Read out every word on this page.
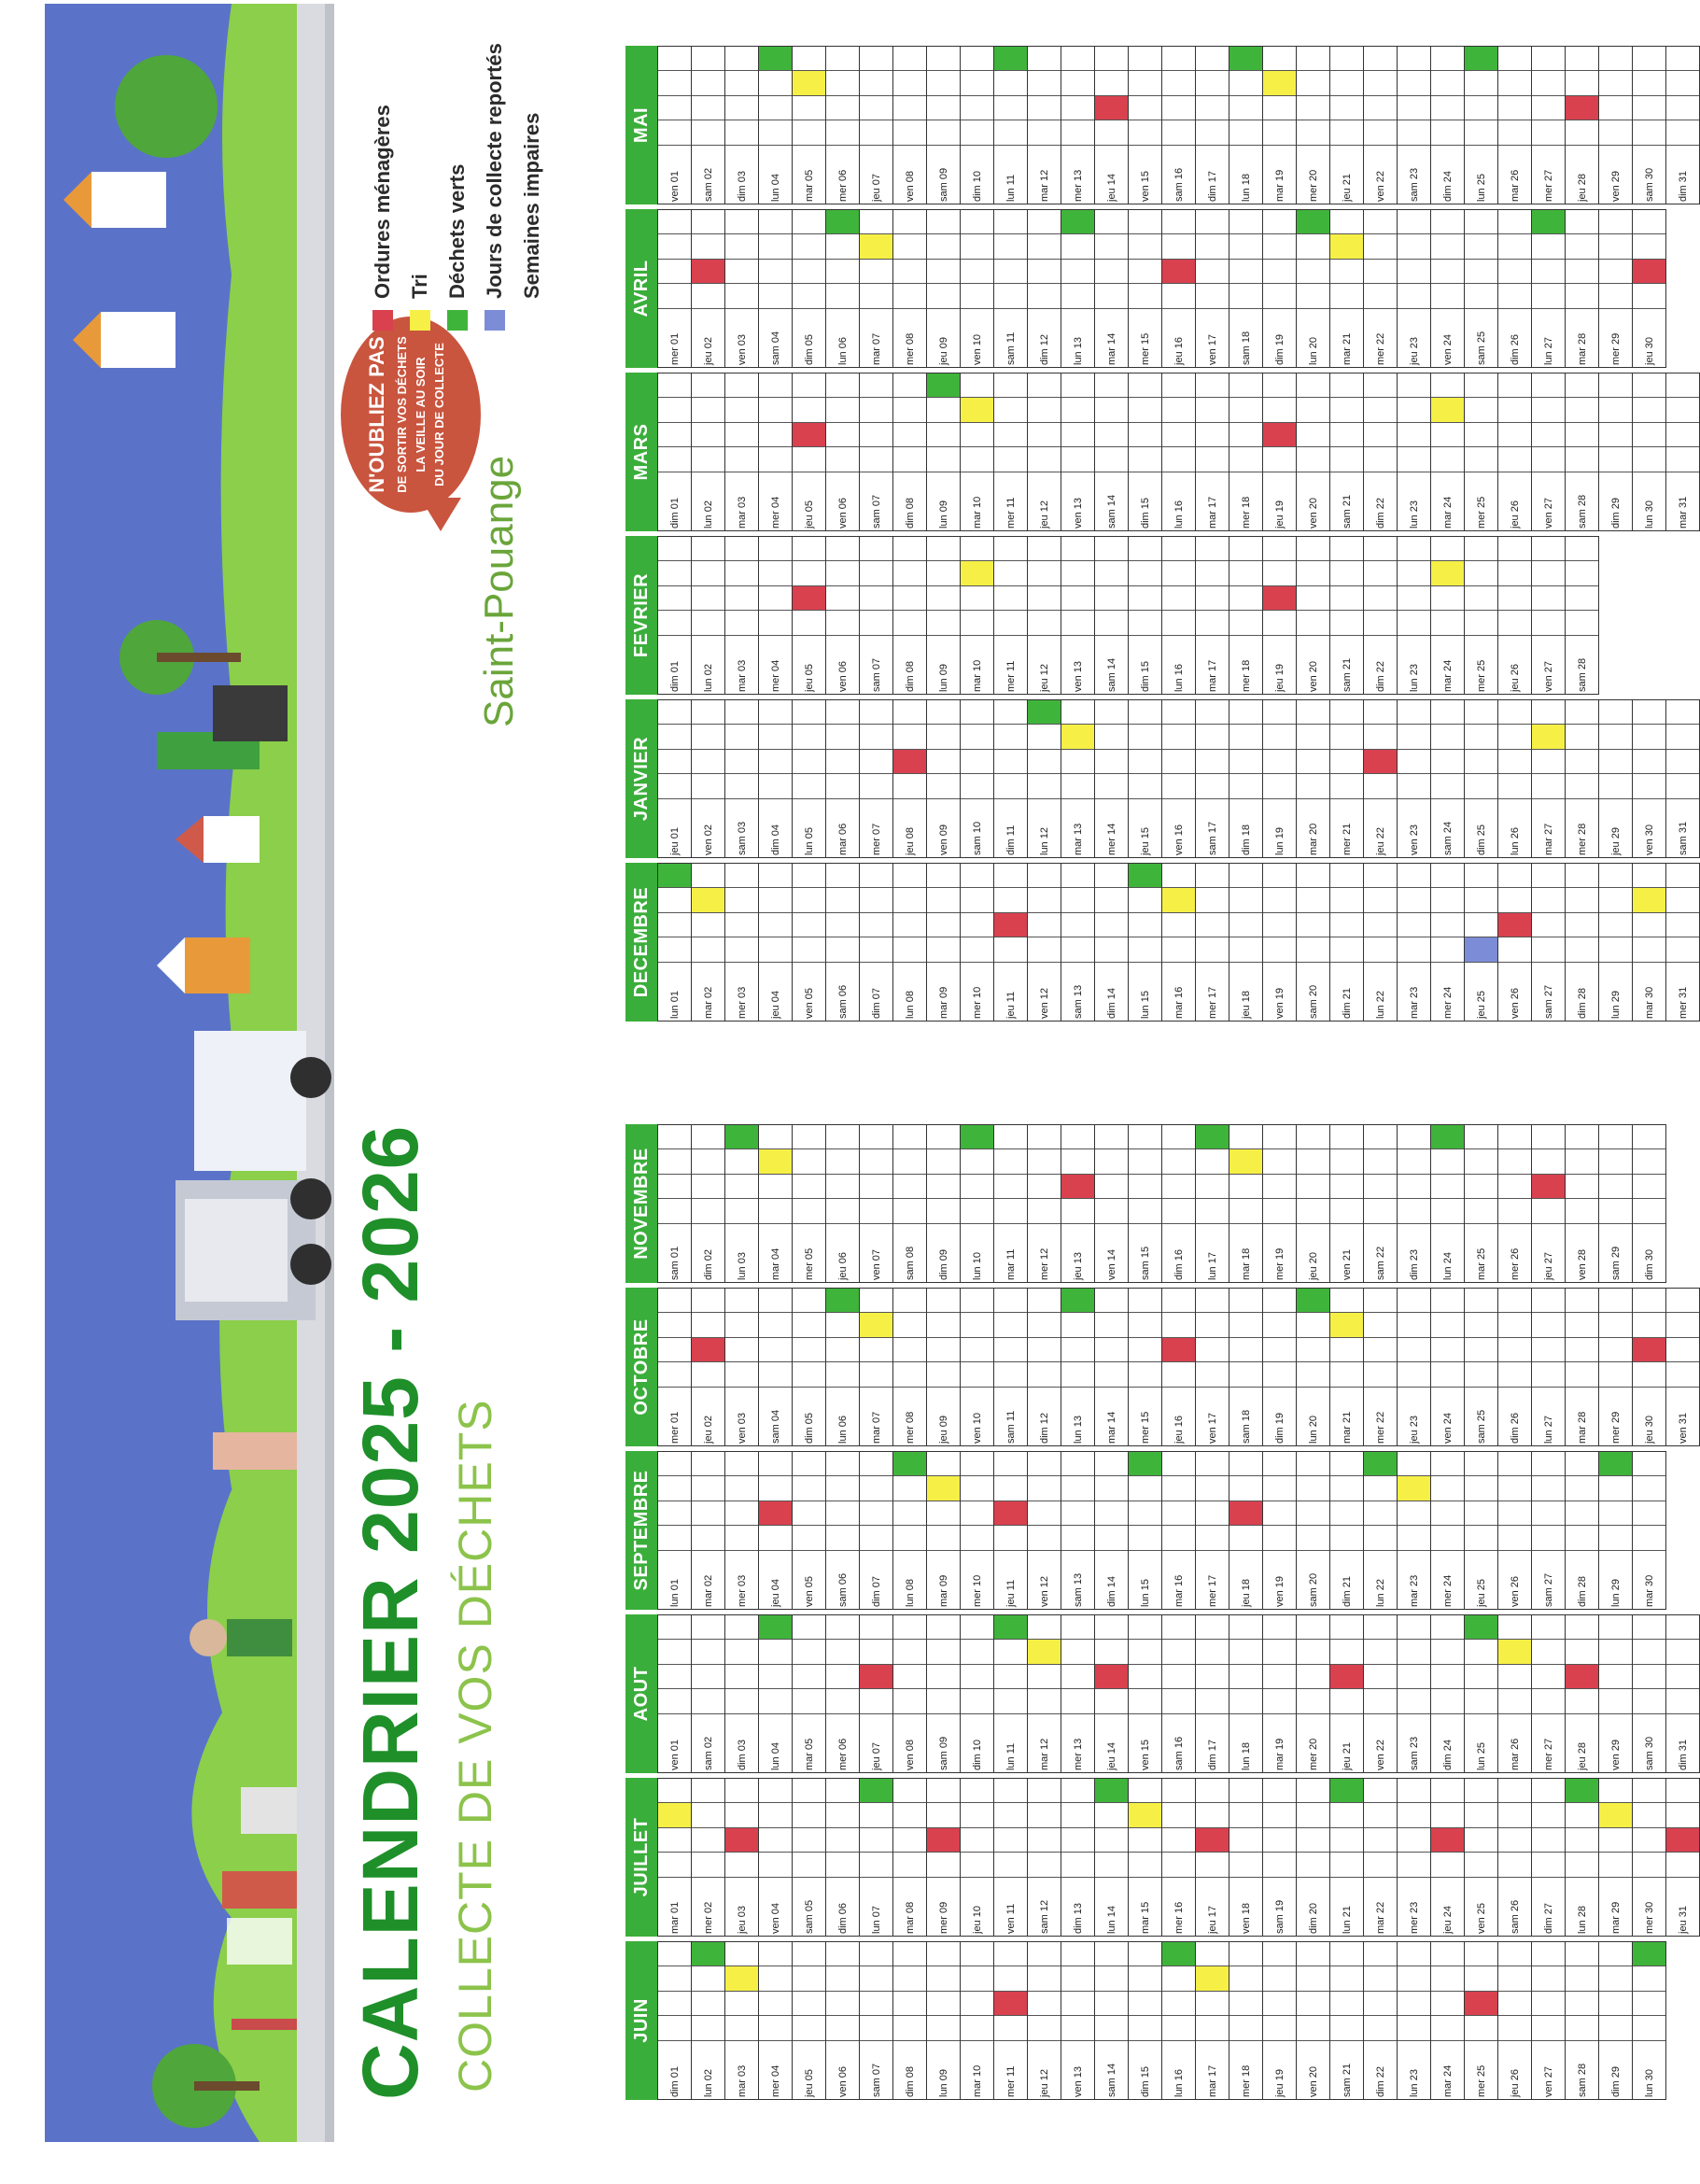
CALENDRIER 2025 - 2026 COLLECTE DE VOS DÉCHETS
Saint-Pouange
N'OUBLIEZ PAS DE SORTIR VOS DÉCHETS LA VEILLE AU SOIR DU JOUR DE COLLECTE
Ordures ménagères Tri Déchets verts Jours de collecte reportés Semaines impaires
JUIN
dim 01	lun 02	mar 03	mer 04	jeu 05	ven 06	sam 07	dim 08	lun 09	mar 10	mer 11	jeu 12	ven 13	sam 14	dim 15	lun 16	mar 17	mer 18	jeu 19	ven 20	sam 21	dim 22	lun 23	mar 24	mer 25	jeu 26	ven 27	sam 28	dim 29	lun 30
JUILLET
mar 01	mer 02	jeu 03	ven 04	sam 05	dim 06	lun 07	mar 08	mer 09	jeu 10	ven 11	sam 12	dim 13	lun 14	mar 15	mer 16	jeu 17	ven 18	sam 19	dim 20	lun 21	mar 22	mer 23	jeu 24	ven 25	sam 26	dim 27	lun 28	mar 29	mer 30	jeu 31
AOUT
ven 01	sam 02	dim 03	lun 04	mar 05	mer 06	jeu 07	ven 08	sam 09	dim 10	lun 11	mar 12	mer 13	jeu 14	ven 15	sam 16	dim 17	lun 18	mar 19	mer 20	jeu 21	ven 22	sam 23	dim 24	lun 25	mar 26	mer 27	jeu 28	ven 29	sam 30	dim 31
SEPTEMBRE
lun 01	mar 02	mer 03	jeu 04	ven 05	sam 06	dim 07	lun 08	mar 09	mer 10	jeu 11	ven 12	sam 13	dim 14	lun 15	mar 16	mer 17	jeu 18	ven 19	sam 20	dim 21	lun 22	mar 23	mer 24	jeu 25	ven 26	sam 27	dim 28	lun 29	mar 30
OCTOBRE
mer 01	jeu 02	ven 03	sam 04	dim 05	lun 06	mar 07	mer 08	jeu 09	ven 10	sam 11	dim 12	lun 13	mar 14	mer 15	jeu 16	ven 17	sam 18	dim 19	lun 20	mar 21	mer 22	jeu 23	ven 24	sam 25	dim 26	lun 27	mar 28	mer 29	jeu 30	ven 31
NOVEMBRE
sam 01	dim 02	lun 03	mar 04	mer 05	jeu 06	ven 07	sam 08	dim 09	lun 10	mar 11	mer 12	jeu 13	ven 14	sam 15	dim 16	lun 17	mar 18	mer 19	jeu 20	ven 21	sam 22	dim 23	lun 24	mar 25	mer 26	jeu 27	ven 28	sam 29	dim 30
DECEMBRE
lun 01	mar 02	mer 03	jeu 04	ven 05	sam 06	dim 07	lun 08	mar 09	mer 10	jeu 11	ven 12	sam 13	dim 14	lun 15	mar 16	mer 17	jeu 18	ven 19	sam 20	dim 21	lun 22	mar 23	mer 24	jeu 25	ven 26	sam 27	dim 28	lun 29	mar 30	mer 31
JANVIER
jeu 01	ven 02	sam 03	dim 04	lun 05	mar 06	mer 07	jeu 08	ven 09	sam 10	dim 11	lun 12	mar 13	mer 14	jeu 15	ven 16	sam 17	dim 18	lun 19	mar 20	mer 21	jeu 22	ven 23	sam 24	dim 25	lun 26	mar 27	mer 28	jeu 29	ven 30	sam 31
FEVRIER
dim 01	lun 02	mar 03	mer 04	jeu 05	ven 06	sam 07	dim 08	lun 09	mar 10	mer 11	jeu 12	ven 13	sam 14	dim 15	lun 16	mar 17	mer 18	jeu 19	ven 20	sam 21	dim 22	lun 23	mar 24	mer 25	jeu 26	ven 27	sam 28
MARS
dim 01	lun 02	mar 03	mer 04	jeu 05	ven 06	sam 07	dim 08	lun 09	mar 10	mer 11	jeu 12	ven 13	sam 14	dim 15	lun 16	mar 17	mer 18	jeu 19	ven 20	sam 21	dim 22	lun 23	mar 24	mer 25	jeu 26	ven 27	sam 28	dim 29	lun 30	mar 31
AVRIL
mer 01	jeu 02	ven 03	sam 04	dim 05	lun 06	mar 07	mer 08	jeu 09	ven 10	sam 11	dim 12	lun 13	mar 14	mer 15	jeu 16	ven 17	sam 18	dim 19	lun 20	mar 21	mer 22	jeu 23	ven 24	sam 25	dim 26	lun 27	mar 28	mer 29	jeu 30
MAI
ven 01	sam 02	dim 03	lun 04	mar 05	mer 06	jeu 07	ven 08	sam 09	dim 10	lun 11	mar 12	mer 13	jeu 14	ven 15	sam 16	dim 17	lun 18	mar 19	mer 20	jeu 21	ven 22	sam 23	dim 24	lun 25	mar 26	mer 27	jeu 28	ven 29	sam 30	dim 31
